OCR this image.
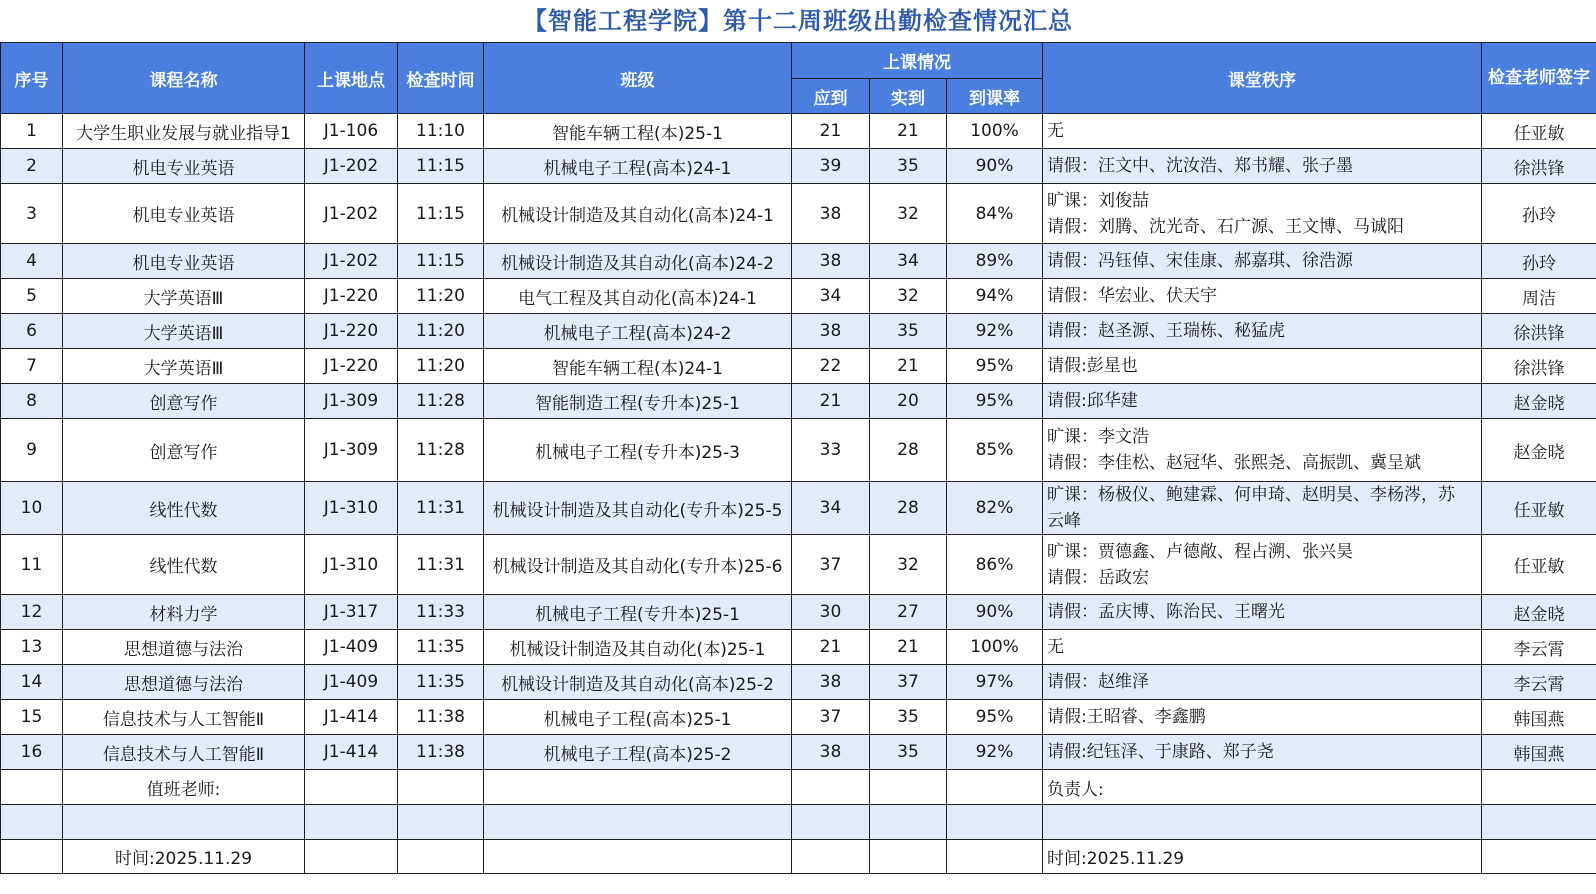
【智能工程学院】第十二周班级出勤检查情况汇总
序号	课程名称	上课地点	检查时间	班级	上课情况			课堂秩序	检查老师签字
					应到	实到	到课率		
1	大学生职业发展与就业指导1	J1-106	11:10	智能车辆工程(本)25-1	21	21	100%	无	任亚敏
2	机电专业英语	J1-202	11:15	机械电子工程(高本)24-1	39	35	90%	请假：汪文中、沈汝浩、郑书耀、张子墨	徐洪锋
3	机电专业英语	J1-202	11:15	机械设计制造及其自动化(高本)24-1	38	32	84%	旷课：刘俊喆
请假：刘腾、沈光奇、石广源、王文博、马诚阳	孙玲
4	机电专业英语	J1-202	11:15	机械设计制造及其自动化(高本)24-2	38	34	89%	请假：冯钰倬、宋佳康、郝嘉琪、徐浩源	孙玲
5	大学英语Ⅲ	J1-220	11:20	电气工程及其自动化(高本)24-1	34	32	94%	请假：华宏业、伏天宇	周洁
6	大学英语Ⅲ	J1-220	11:20	机械电子工程(高本)24-2	38	35	92%	请假：赵圣源、王瑞栋、秘猛虎	徐洪锋
7	大学英语Ⅲ	J1-220	11:20	智能车辆工程(本)24-1	22	21	95%	请假:彭星也	徐洪锋
8	创意写作	J1-309	11:28	智能制造工程(专升本)25-1	21	20	95%	请假:邱华建	赵金晓
9	创意写作	J1-309	11:28	机械电子工程(专升本)25-3	33	28	85%	旷课：李文浩
请假：李佳松、赵冠华、张熙尧、高振凯、冀呈斌	赵金晓
10	线性代数	J1-310	11:31	机械设计制造及其自动化(专升本)25-5	34	28	82%	旷课：杨极仪、鲍建霖、何申琦、赵明昊、李杨涔，苏
云峰	任亚敏
11	线性代数	J1-310	11:31	机械设计制造及其自动化(专升本)25-6	37	32	86%	旷课：贾德鑫、卢德敞、程占溯、张兴昊
请假：岳政宏	任亚敏
12	材料力学	J1-317	11:33	机械电子工程(专升本)25-1	30	27	90%	请假：孟庆博、陈治民、王曙光	赵金晓
13	思想道德与法治	J1-409	11:35	机械设计制造及其自动化(本)25-1	21	21	100%	无	李云霄
14	思想道德与法治	J1-409	11:35	机械设计制造及其自动化(高本)25-2	38	37	97%	请假：赵维泽	李云霄
15	信息技术与人工智能Ⅱ	J1-414	11:38	机械电子工程(高本)25-1	37	35	95%	请假:王昭睿、李鑫鹏	韩国燕
16	信息技术与人工智能Ⅱ	J1-414	11:38	机械电子工程(高本)25-2	38	35	92%	请假:纪钰泽、于康路、郑子尧	韩国燕
	值班老师:							负责人:	

	时间:2025.11.29							时间:2025.11.29	
